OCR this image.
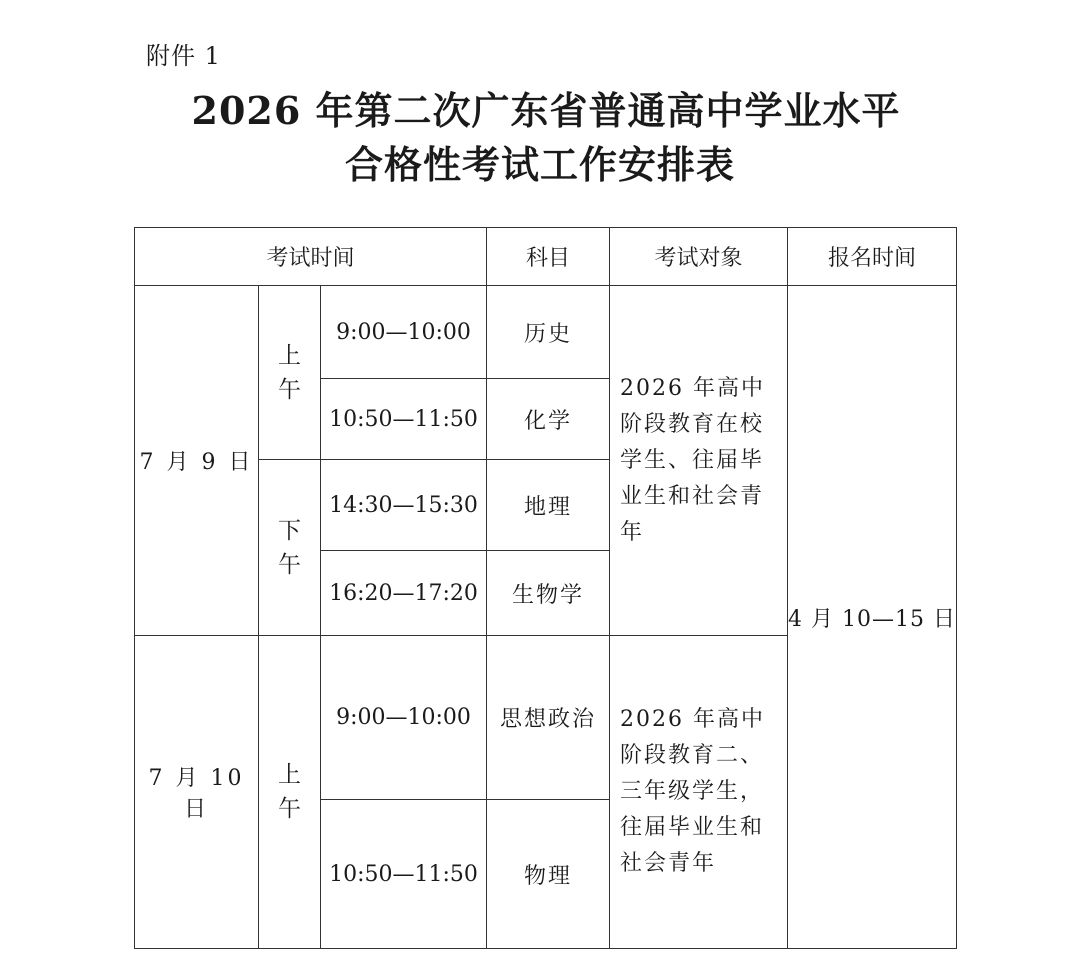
附件 1
2026 年第二次广东省普通高中学业水平
合格性考试工作安排表
考试时间			科目	考试对象	报名时间
7 月 9 日	上午	9:00—10:00	历史	2026 年高中阶段教育在校学生、往届毕业生和社会青年	4 月 10—15 日
		10:50—11:50	化学		
	下午	14:30—15:30	地理		
		16:20—17:20	生物学		
7 月 10 日	上午	9:00—10:00	思想政治	2026 年高中阶段教育二、三年级学生，往届毕业生和社会青年	
		10:50—11:50	物理		
